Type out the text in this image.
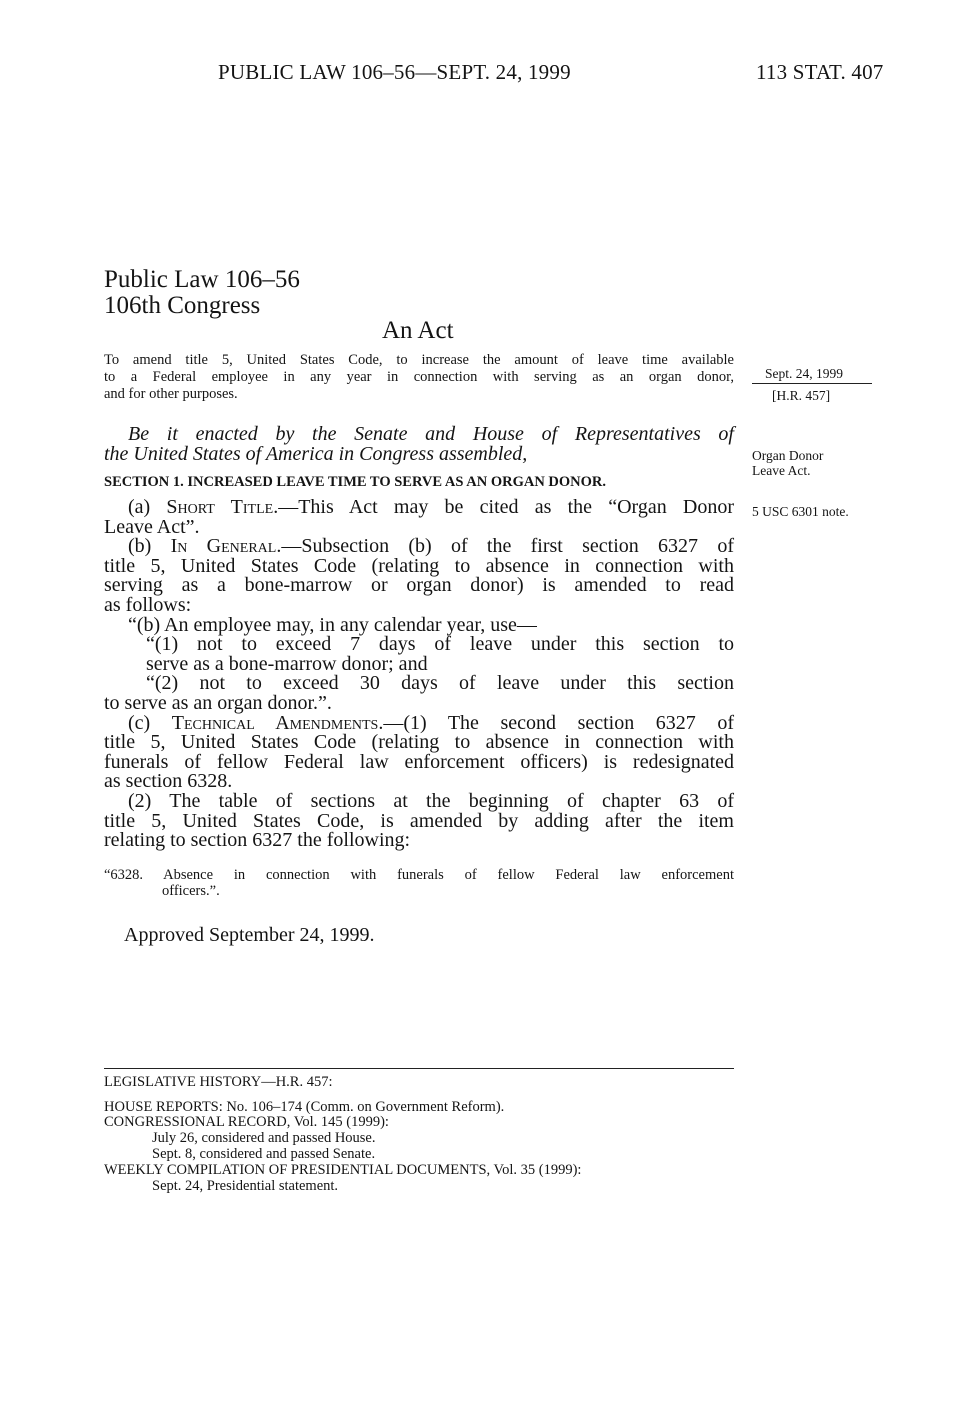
PUBLIC LAW 106–56—SEPT. 24, 1999	113 STAT. 407
Public Law 106–56
106th Congress
An Act
To amend title 5, United States Code, to increase the amount of leave time available
to a Federal employee in any year in connection with serving as an organ donor,
and for other purposes.
Sept. 24, 1999
[H.R. 457]
Be it enacted by the Senate and House of Representatives of
the United States of America in Congress assembled,	Organ Donor
Leave Act.
SECTION 1. INCREASED LEAVE TIME TO SERVE AS AN ORGAN DONOR.
5 USC 6301 note.
(a) Short Title.—This Act may be cited as the “Organ Donor
Leave Act”.
(b) In General.—Subsection (b) of the first section 6327 of
title 5, United States Code (relating to absence in connection with
serving as a bone-marrow or organ donor) is amended to read
as follows:
“(b) An employee may, in any calendar year, use—
“(1) not to exceed 7 days of leave under this section to
serve as a bone-marrow donor; and
“(2) not to exceed 30 days of leave under this section
to serve as an organ donor.”.
(c) Technical Amendments.—(1) The second section 6327 of
title 5, United States Code (relating to absence in connection with
funerals of fellow Federal law enforcement officers) is redesignated
as section 6328.
(2) The table of sections at the beginning of chapter 63 of
title 5, United States Code, is amended by adding after the item
relating to section 6327 the following:
“6328. Absence in connection with funerals of fellow Federal law enforcement
officers.”.
Approved September 24, 1999.
LEGISLATIVE HISTORY—H.R. 457:
HOUSE REPORTS: No. 106–174 (Comm. on Government Reform).
CONGRESSIONAL RECORD, Vol. 145 (1999):
July 26, considered and passed House.
Sept. 8, considered and passed Senate.
WEEKLY COMPILATION OF PRESIDENTIAL DOCUMENTS, Vol. 35 (1999):
Sept. 24, Presidential statement.
